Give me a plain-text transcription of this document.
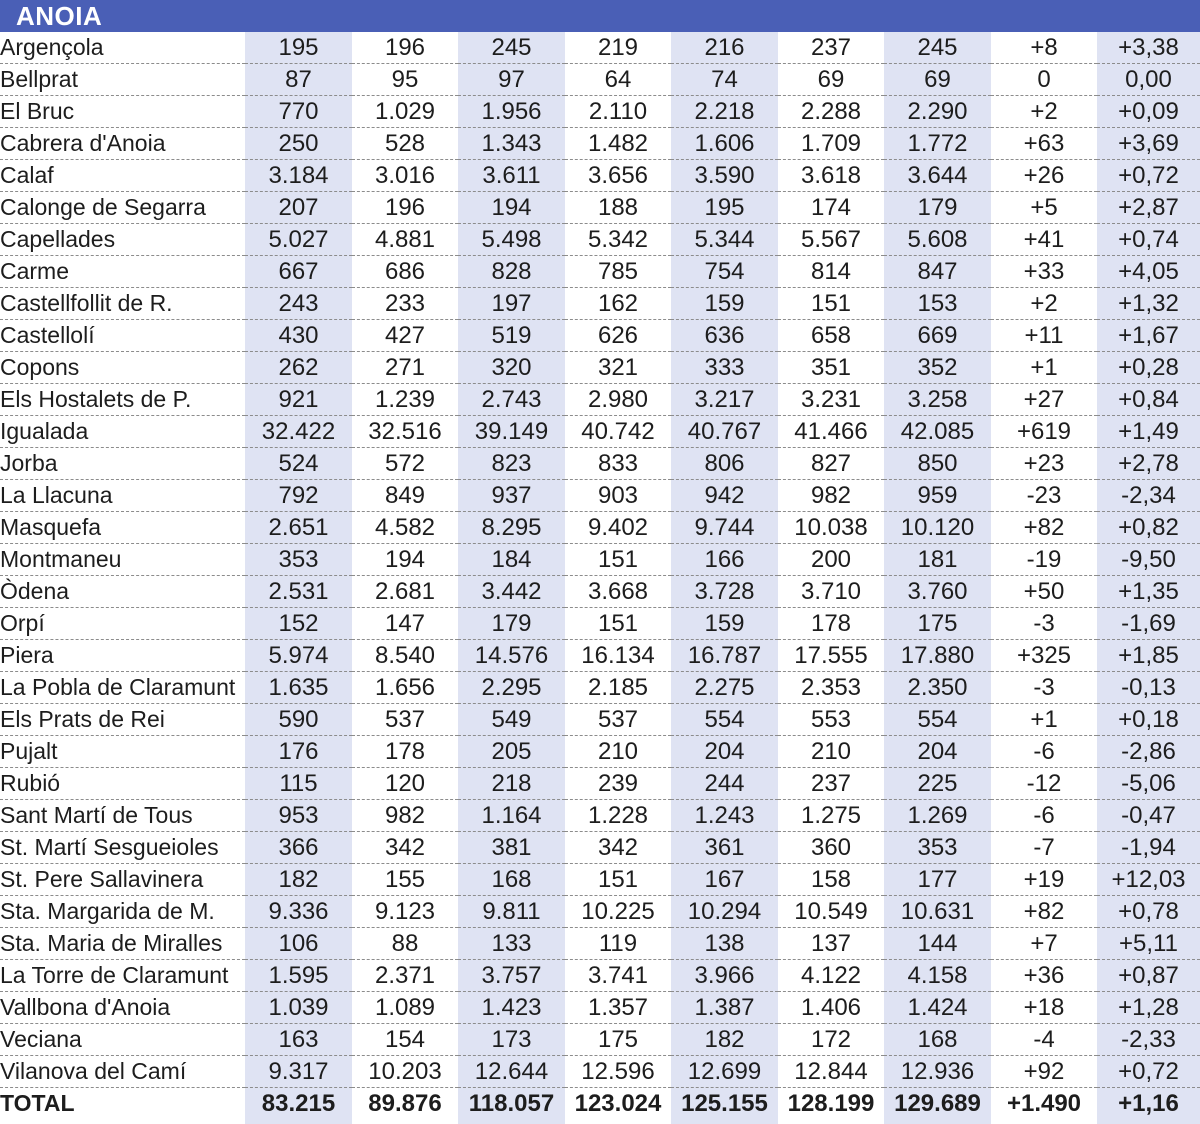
ANOIA
Argençola	195	196	245	219	216	237	245	+8	+3,38
Bellprat	87	95	97	64	74	69	69	0	0,00
El Bruc	770	1.029	1.956	2.110	2.218	2.288	2.290	+2	+0,09
Cabrera d'Anoia	250	528	1.343	1.482	1.606	1.709	1.772	+63	+3,69
Calaf	3.184	3.016	3.611	3.656	3.590	3.618	3.644	+26	+0,72
Calonge de Segarra	207	196	194	188	195	174	179	+5	+2,87
Capellades	5.027	4.881	5.498	5.342	5.344	5.567	5.608	+41	+0,74
Carme	667	686	828	785	754	814	847	+33	+4,05
Castellfollit de R.	243	233	197	162	159	151	153	+2	+1,32
Castellolí	430	427	519	626	636	658	669	+11	+1,67
Copons	262	271	320	321	333	351	352	+1	+0,28
Els Hostalets de P.	921	1.239	2.743	2.980	3.217	3.231	3.258	+27	+0,84
Igualada	32.422	32.516	39.149	40.742	40.767	41.466	42.085	+619	+1,49
Jorba	524	572	823	833	806	827	850	+23	+2,78
La Llacuna	792	849	937	903	942	982	959	-23	-2,34
Masquefa	2.651	4.582	8.295	9.402	9.744	10.038	10.120	+82	+0,82
Montmaneu	353	194	184	151	166	200	181	-19	-9,50
Òdena	2.531	2.681	3.442	3.668	3.728	3.710	3.760	+50	+1,35
Orpí	152	147	179	151	159	178	175	-3	-1,69
Piera	5.974	8.540	14.576	16.134	16.787	17.555	17.880	+325	+1,85
La Pobla de Claramunt	1.635	1.656	2.295	2.185	2.275	2.353	2.350	-3	-0,13
Els Prats de Rei	590	537	549	537	554	553	554	+1	+0,18
Pujalt	176	178	205	210	204	210	204	-6	-2,86
Rubió	115	120	218	239	244	237	225	-12	-5,06
Sant Martí de Tous	953	982	1.164	1.228	1.243	1.275	1.269	-6	-0,47
St. Martí Sesgueioles	366	342	381	342	361	360	353	-7	-1,94
St. Pere Sallavinera	182	155	168	151	167	158	177	+19	+12,03
Sta. Margarida de M.	9.336	9.123	9.811	10.225	10.294	10.549	10.631	+82	+0,78
Sta. Maria de Miralles	106	88	133	119	138	137	144	+7	+5,11
La Torre de Claramunt	1.595	2.371	3.757	3.741	3.966	4.122	4.158	+36	+0,87
Vallbona d'Anoia	1.039	1.089	1.423	1.357	1.387	1.406	1.424	+18	+1,28
Veciana	163	154	173	175	182	172	168	-4	-2,33
Vilanova del Camí	9.317	10.203	12.644	12.596	12.699	12.844	12.936	+92	+0,72
TOTAL	83.215	89.876	118.057	123.024	125.155	128.199	129.689	+1.490	+1,16
